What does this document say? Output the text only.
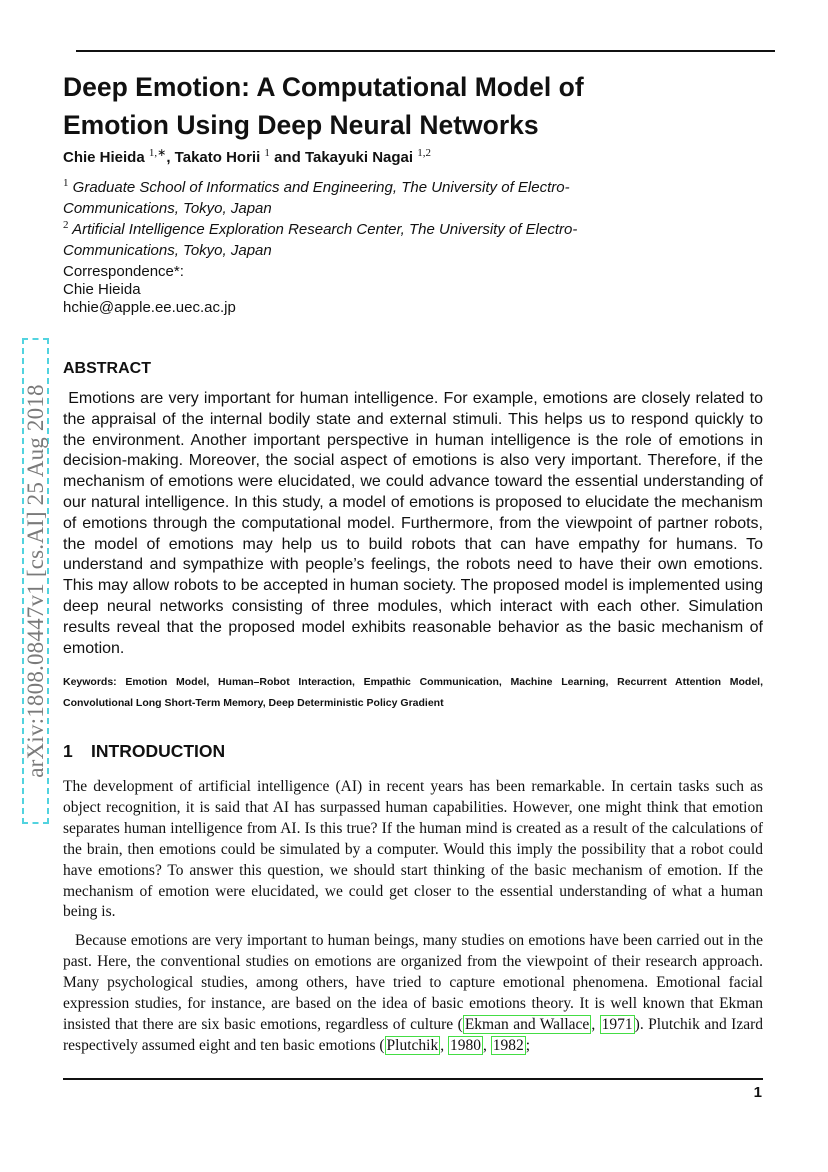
Deep Emotion: A Computational Model of
Emotion Using Deep Neural Networks
Chie Hieida $^{1,∗}$, Takato Horii $^1$ and Takayuki Nagai $^{1,2}$
$^1$ Graduate School of Informatics and Engineering, The University of Electro-Communications, Tokyo, Japan
$^2$ Artificial Intelligence Exploration Research Center, The University of Electro-Communications, Tokyo, Japan
Correspondence*:
Chie Hieida
hchie@apple.ee.uec.ac.jp
arXiv:1808.08447v1 [cs.AI] 25 Aug 2018
ABSTRACT
Emotions are very important for human intelligence. For example, emotions are closely related to the appraisal of the internal bodily state and external stimuli. This helps us to respond quickly to the environment. Another important perspective in human intelligence is the role of emotions in decision-making. Moreover, the social aspect of emotions is also very important. Therefore, if the mechanism of emotions were elucidated, we could advance toward the essential understanding of our natural intelligence. In this study, a model of emotions is proposed to elucidate the mechanism of emotions through the computational model. Furthermore, from the viewpoint of partner robots, the model of emotions may help us to build robots that can have empathy for humans. To understand and sympathize with people’s feelings, the robots need to have their own emotions. This may allow robots to be accepted in human society. The proposed model is implemented using deep neural networks consisting of three modules, which interact with each other. Simulation results reveal that the proposed model exhibits reasonable behavior as the basic mechanism of emotion.
Keywords: Emotion Model, Human–Robot Interaction, Empathic Communication, Machine Learning, Recurrent Attention Model, Convolutional Long Short-Term Memory, Deep Deterministic Policy Gradient
1 INTRODUCTION
The development of artificial intelligence (AI) in recent years has been remarkable. In certain tasks such as object recognition, it is said that AI has surpassed human capabilities. However, one might think that emotion separates human intelligence from AI. Is this true? If the human mind is created as a result of the calculations of the brain, then emotions could be simulated by a computer. Would this imply the possibility that a robot could have emotions? To answer this question, we should start thinking of the basic mechanism of emotion. If the mechanism of emotion were elucidated, we could get closer to the essential understanding of what a human being is.
Because emotions are very important to human beings, many studies on emotions have been carried out in the past. Here, the conventional studies on emotions are organized from the viewpoint of their research approach. Many psychological studies, among others, have tried to capture emotional phenomena. Emotional facial expression studies, for instance, are based on the idea of basic emotions theory. It is well known that Ekman insisted that there are six basic emotions, regardless of culture ( Ekman and Wallace , 1971 ). Plutchik and Izard respectively assumed eight and ten basic emotions ( Plutchik , 1980 , 1982 ;
1
